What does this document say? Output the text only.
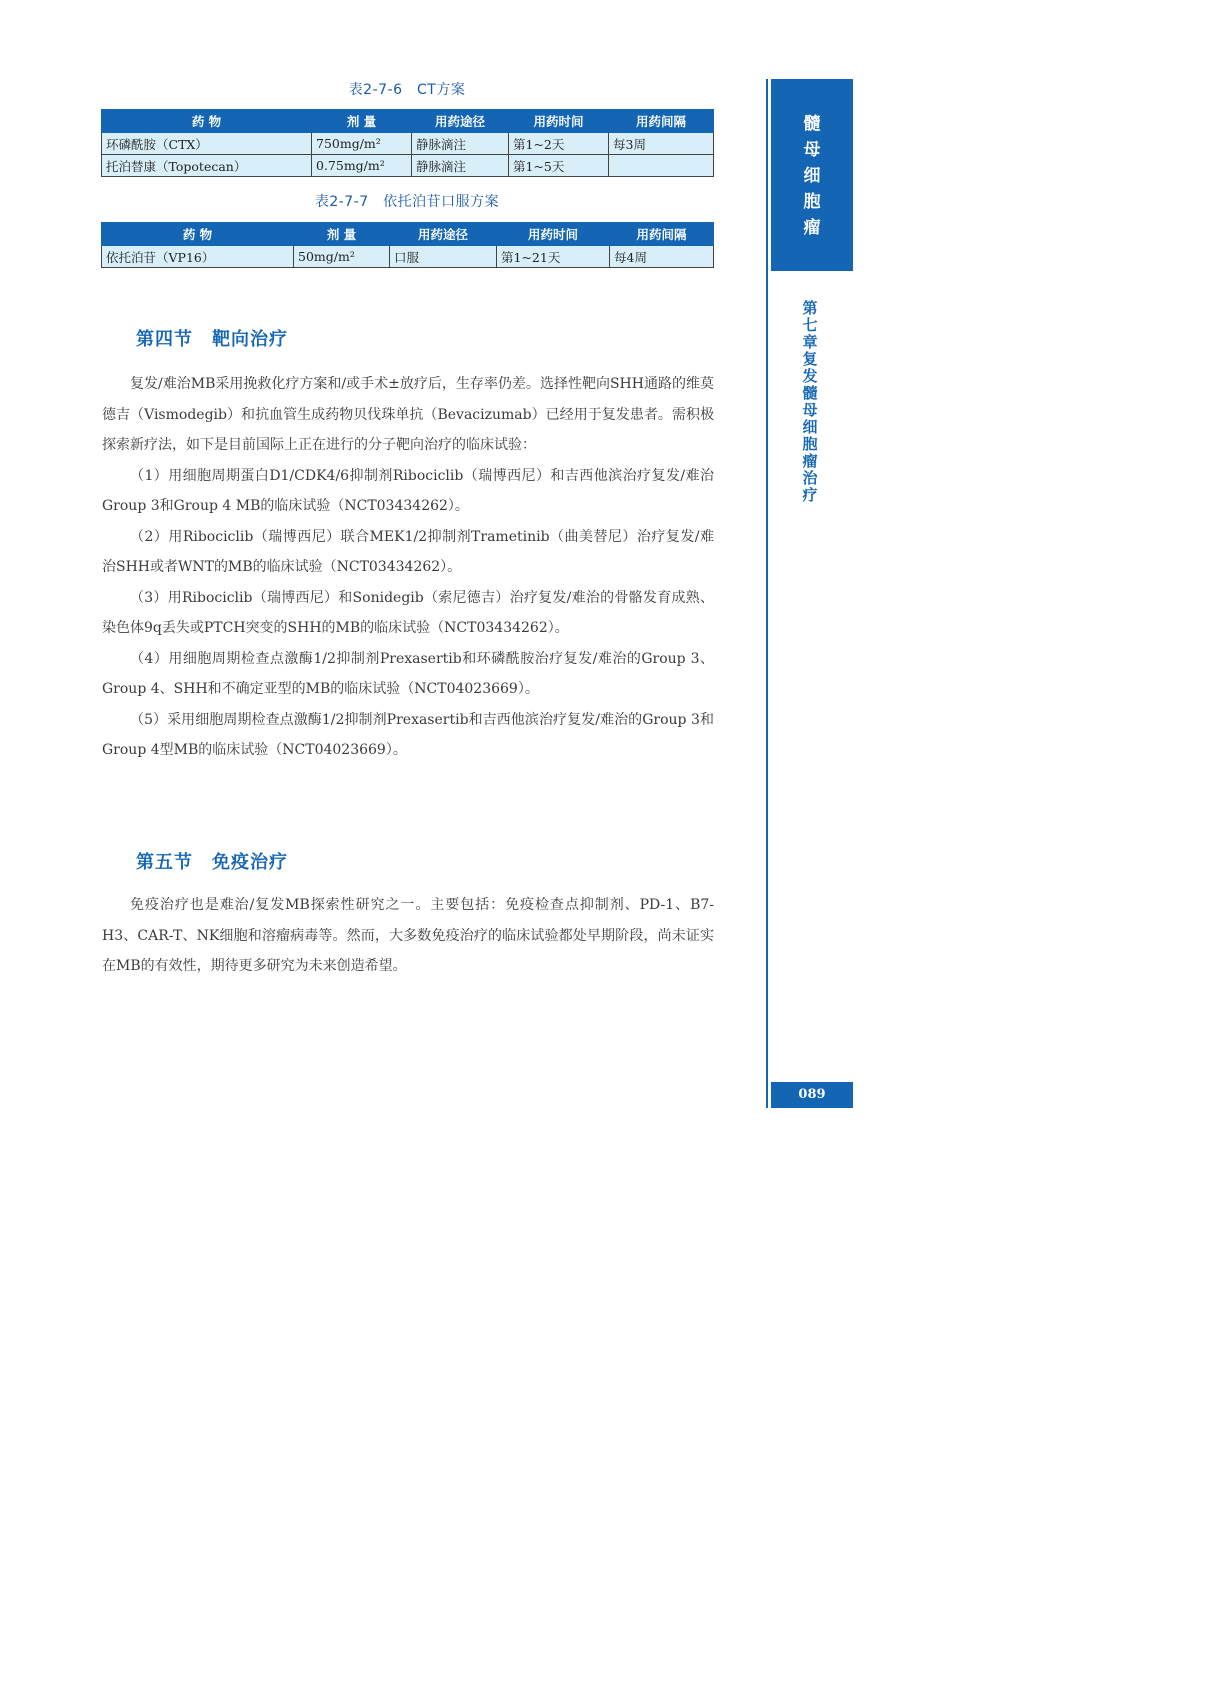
表2-7-6　CT方案
药 物	剂 量	用药途径	用药时间	用药间隔
环磷酰胺（CTX）	750mg/m²	静脉滴注	第1~2天	每3周
托泊替康（Topotecan）	0.75mg/m²	静脉滴注	第1~5天	
表2-7-7　依托泊苷口服方案
药 物	剂 量	用药途径	用药时间	用药间隔
依托泊苷（VP16）	50mg/m²	口服	第1~21天	每4周
第四节　靶向治疗

复发/难治MB采用挽救化疗方案和/或手术±放疗后，生存率仍差。选择性靶向SHH通路的维莫德吉（Vismodegib）和抗血管生成药物贝伐珠单抗（Bevacizumab）已经用于复发患者。需积极探索新疗法，如下是目前国际上正在进行的分子靶向治疗的临床试验：

（1）用细胞周期蛋白D1/CDK4/6抑制剂Ribociclib（瑞博西尼）和吉西他滨治疗复发/难治Group 3和Group 4 MB的临床试验（NCT03434262）。

（2）用Ribociclib（瑞博西尼）联合MEK1/2抑制剂Trametinib（曲美替尼）治疗复发/难治SHH或者WNT的MB的临床试验（NCT03434262）。

（3）用Ribociclib（瑞博西尼）和Sonidegib（索尼德吉）治疗复发/难治的骨骼发育成熟、染色体9q丢失或PTCH突变的SHH的MB的临床试验（NCT03434262）。

（4）用细胞周期检查点激酶1/2抑制剂Prexasertib和环磷酰胺治疗复发/难治的Group 3、Group 4、SHH和不确定亚型的MB的临床试验（NCT04023669）。

（5）采用细胞周期检查点激酶1/2抑制剂Prexasertib和吉西他滨治疗复发/难治的Group 3和Group 4型MB的临床试验（NCT04023669）。

第五节　免疫治疗

免疫治疗也是难治/复发MB探索性研究之一。主要包括：免疫检查点抑制剂、PD-1、B7-H3、CAR-T、NK细胞和溶瘤病毒等。然而，大多数免疫治疗的临床试验都处早期阶段，尚未证实在MB的有效性，期待更多研究为未来创造希望。

髓
母
细
胞
瘤
第七章　复发髓母细胞瘤治疗
089
